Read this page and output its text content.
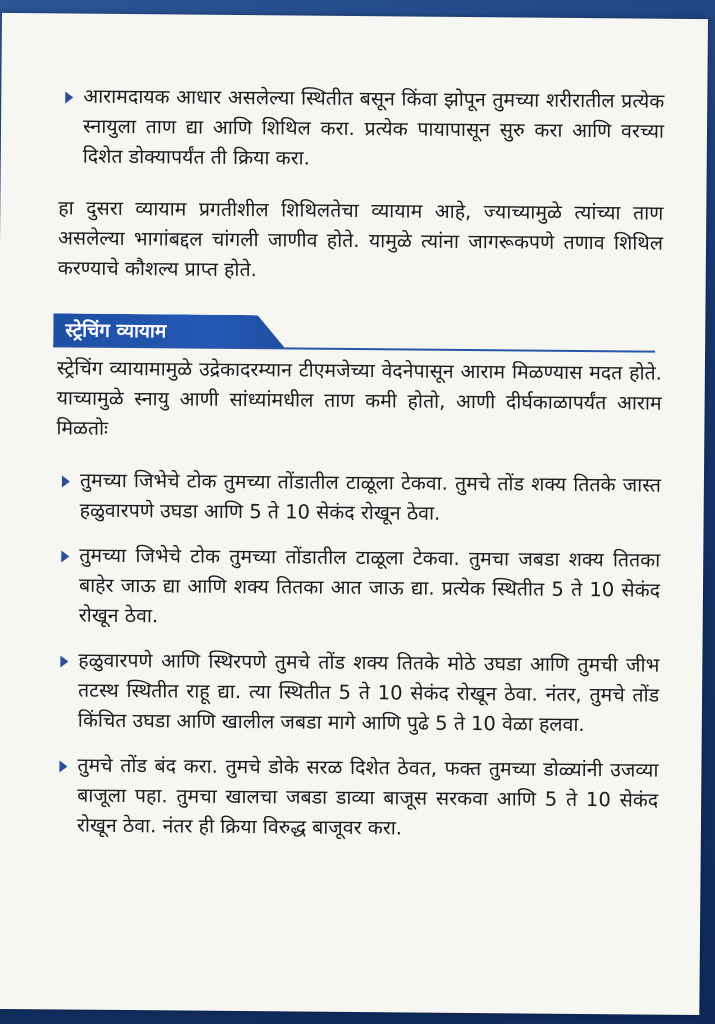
आरामदायक आधार असलेल्या स्थितीत बसून किंवा झोपून तुमच्या शरीरातील प्रत्येक स्नायुला ताण द्या आणि शिथिल करा. प्रत्येक पायापासून सुरु करा आणि वरच्या दिशेत डोक्यापर्यंत ती क्रिया करा.

हा दुसरा व्यायाम प्रगतीशील शिथिलतेचा व्यायाम आहे, ज्याच्यामुळे त्यांच्या ताण असलेल्या भागांबद्दल चांगली जाणीव होते. यामुळे त्यांना जागरूकपणे तणाव शिथिल करण्याचे कौशल्य प्राप्त होते.

स्ट्रेचिंग व्यायाम

स्ट्रेचिंग व्यायामामुळे उद्रेकादरम्यान टीएमजेच्या वेदनेपासून आराम मिळण्यास मदत होते. याच्यामुळे स्नायु आणी सांध्यांमधील ताण कमी होतो, आणी दीर्घकाळापर्यंत आराम मिळतोः

तुमच्या जिभेचे टोक तुमच्या तोंडातील टाळूला टेकवा. तुमचे तोंड शक्य तितके जास्त हळुवारपणे उघडा आणि 5 ते 10 सेकंद रोखून ठेवा.

तुमच्या जिभेचे टोक तुमच्या तोंडातील टाळूला टेकवा. तुमचा जबडा शक्य तितका बाहेर जाऊ द्या आणि शक्य तितका आत जाऊ द्या. प्रत्येक स्थितीत 5 ते 10 सेकंद रोखून ठेवा.

हळुवारपणे आणि स्थिरपणे तुमचे तोंड शक्य तितके मोठे उघडा आणि तुमची जीभ तटस्थ स्थितीत राहू द्या. त्या स्थितीत 5 ते 10 सेकंद रोखून ठेवा. नंतर, तुमचे तोंड किंचित उघडा आणि खालील जबडा मागे आणि पुढे 5 ते 10 वेळा हलवा.

तुमचे तोंड बंद करा. तुमचे डोके सरळ दिशेत ठेवत, फक्त तुमच्या डोळ्यांनी उजव्या बाजूला पहा. तुमचा खालचा जबडा डाव्या बाजूस सरकवा आणि 5 ते 10 सेकंद रोखून ठेवा. नंतर ही क्रिया विरुद्ध बाजूवर करा.
